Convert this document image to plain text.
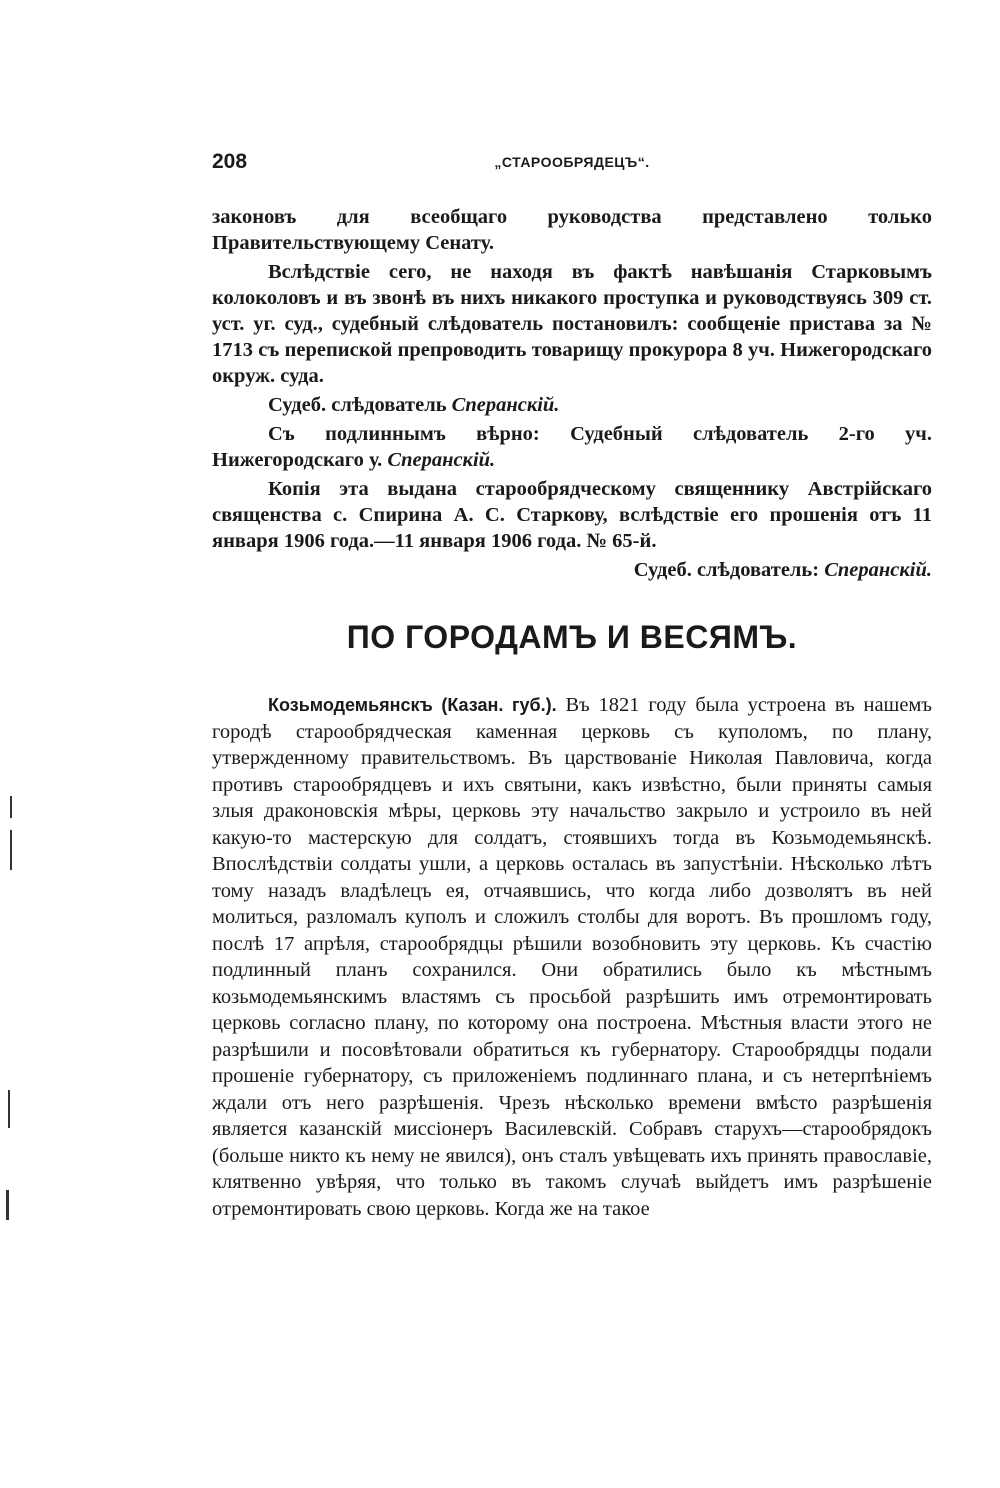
208	„СТАРООБРЯДЕЦЪ“.

законовъ для всеобщаго руководства представлено только Правительствующему Сенату.

Вслѣдствіе сего, не находя въ фактѣ навѣшанія Старковымъ колоколовъ и въ звонѣ въ нихъ никакого проступка и руководствуясь 309 ст. уст. уг. суд., судебный слѣдователь постановилъ: сообщеніе пристава за № 1713 съ перепиской препроводить товарищу прокурора 8 уч. Нижегородскаго окруж. суда.

Судеб. слѣдователь Сперанскій.

Съ подлиннымъ вѣрно: Судебный слѣдователь 2-го уч. Нижегородскаго у. Сперанскій.

Копія эта выдана старообрядческому священнику Австрійскаго священства с. Спирина А. С. Старкову, вслѣдствіе его прошенія отъ 11 января 1906 года.—11 января 1906 года. № 65-й.

Судеб. слѣдователь: Сперанскій.

ПО ГОРОДАМЪ И ВЕСЯМЪ.

Козьмодемьянскъ (Казан. губ.). Въ 1821 году была устроена въ нашемъ городѣ старообрядческая каменная церковь съ куполомъ, по плану, утвержденному правительствомъ. Въ царствованіе Николая Павловича, когда противъ старообрядцевъ и ихъ святыни, какъ извѣстно, были приняты самыя злыя драконовскія мѣры, церковь эту начальство закрыло и устроило въ ней какую-то мастерскую для солдатъ, стоявшихъ тогда въ Козьмодемьянскѣ. Впослѣдствіи солдаты ушли, а церковь осталась въ запустѣніи. Нѣсколько лѣтъ тому назадъ владѣлецъ ея, отчаявшись, что когда либо дозволятъ въ ней молиться, разломалъ куполъ и сложилъ столбы для воротъ. Въ прошломъ году, послѣ 17 апрѣля, старообрядцы рѣшили возобновить эту церковь. Къ счастію подлинный планъ сохранился. Они обратились было къ мѣстнымъ козьмодемьянскимъ властямъ съ просьбой разрѣшить имъ отремонтировать церковь согласно плану, по которому она построена. Мѣстныя власти этого не разрѣшили и посовѣтовали обратиться къ губернатору. Старообрядцы подали прошеніе губернатору, съ приложеніемъ подлиннаго плана, и съ нетерпѣніемъ ждали отъ него разрѣшенія. Чрезъ нѣсколько времени вмѣсто разрѣшенія является казанскій миссіонеръ Василевскій. Собравъ старухъ—старообрядокъ (больше никто къ нему не явился), онъ сталъ увѣщевать ихъ принять православіе, клятвенно увѣряя, что только въ такомъ случаѣ выйдетъ имъ разрѣшеніе отремонтировать свою церковь. Когда же на такое
